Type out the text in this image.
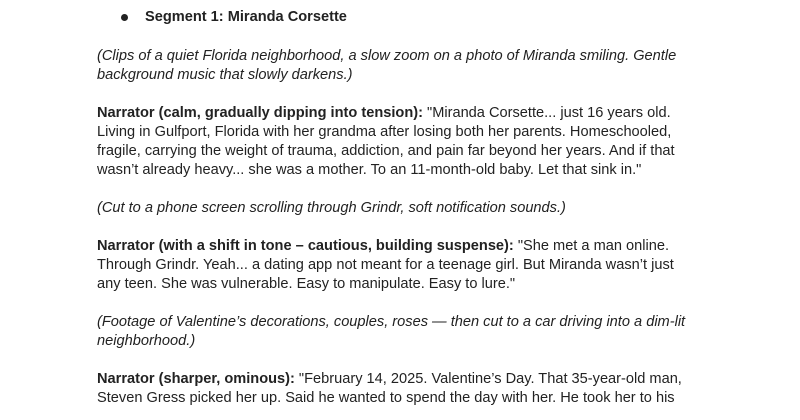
Segment 1: Miranda Corsette

(Clips of a quiet Florida neighborhood, a slow zoom on a photo of Miranda smiling. Gentle background music that slowly darkens.)

Narrator (calm, gradually dipping into tension): "Miranda Corsette... just 16 years old. Living in Gulfport, Florida with her grandma after losing both her parents. Homeschooled, fragile, carrying the weight of trauma, addiction, and pain far beyond her years. And if that wasn’t already heavy... she was a mother. To an 11-month-old baby. Let that sink in."

(Cut to a phone screen scrolling through Grindr, soft notification sounds.)

Narrator (with a shift in tone – cautious, building suspense): "She met a man online. Through Grindr. Yeah... a dating app not meant for a teenage girl. But Miranda wasn’t just any teen. She was vulnerable. Easy to manipulate. Easy to lure."

(Footage of Valentine’s decorations, couples, roses — then cut to a car driving into a dim-lit neighborhood.)

Narrator (sharper, ominous): "February 14, 2025. Valentine’s Day. That 35-year-old man, Steven Gress picked her up. Said he wanted to spend the day with her. He took her to his
